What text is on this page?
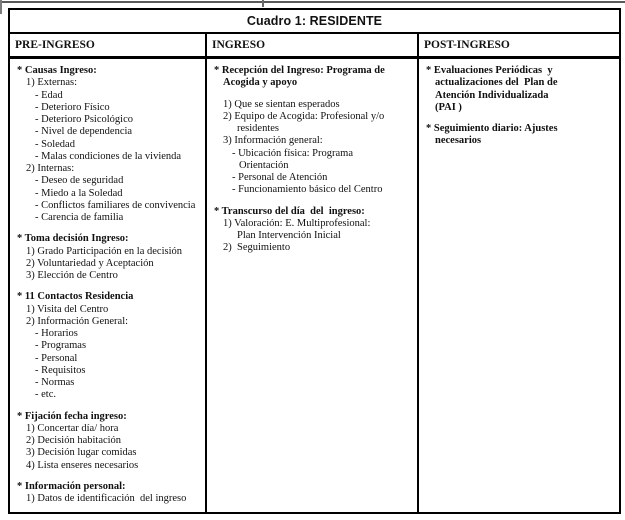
Cuadro 1: RESIDENTE
PRE-INGRESO	INGRESO	POST-INGRESO
* Causas Ingreso:
1) Externas:
- Edad
- Deterioro Físico
- Deterioro Psicológico
- Nivel de dependencia
- Soledad
- Malas condiciones de la vivienda
2) Internas:
- Deseo de seguridad
- Miedo a la Soledad
- Conflictos familiares de convivencia
- Carencia de familia
* Toma decisión Ingreso:
1) Grado Participación en la decisión
2) Voluntariedad y Aceptación
3) Elección de Centro
* 11 Contactos Residencia
1) Visita del Centro
2) Información General:
- Horarios
- Programas
- Personal
- Requisitos
- Normas
- etc.
* Fijación fecha ingreso:
1) Concertar día/ hora
2) Decisión habitación
3) Decisión lugar comidas
4) Lista enseres necesarios
* Información personal:
1) Datos de identificación  del ingreso
* Recepción del Ingreso: Programa de
Acogida y apoyo
1) Que se sientan esperados
2) Equipo de Acogida: Profesional y/o
residentes
3) Información general:
- Ubicación física: Programa
Orientación
- Personal de Atención
- Funcionamiento básico del Centro
* Transcurso del día  del  ingreso:
1) Valoración: E. Multiprofesional:
Plan Intervención Inicial
2)  Seguimiento
* Evaluaciones Periódicas  y
actualizaciones del  Plan de
Atención Individualizada
(PAI )
* Seguimiento diario: Ajustes
necesarios
